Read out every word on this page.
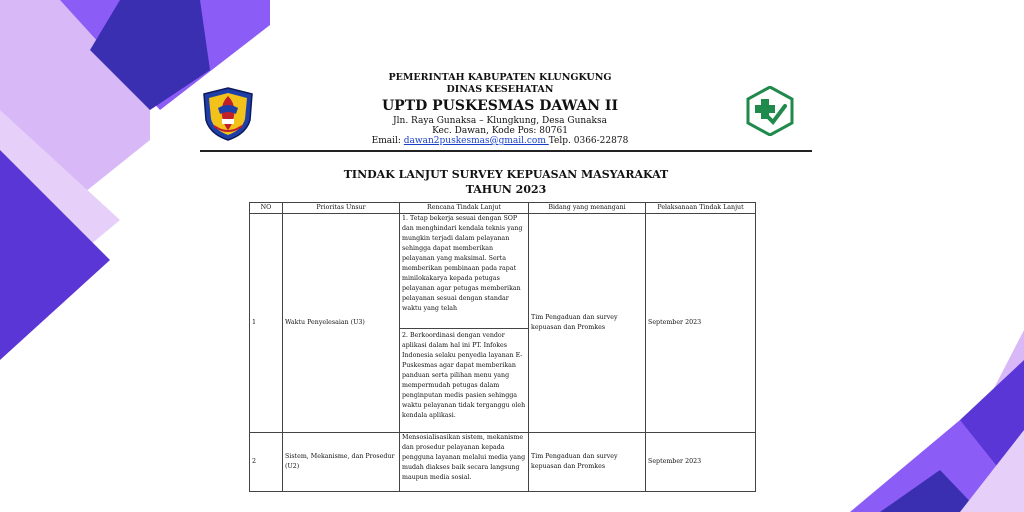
PEMERINTAH KABUPATEN KLUNGKUNG
DINAS KESEHATAN
UPTD PUSKESMAS DAWAN II
Jln. Raya Gunaksa – Klungkung, Desa Gunaksa
Kec. Dawan, Kode Pos: 80761
Email: dawan2puskesmas@gmail.com Telp. 0366-22878
TINDAK LANJUT SURVEY KEPUASAN MASYARAKAT
TAHUN 2023
NO	Prioritas Unsur	Rencana Tindak Lanjut	Bidang yang menangani	Pelaksanaan Tindak Lanjut
1	Waktu Penyelesaian (U3)	1. Tetap bekerja sesuai dengan SOP dan menghindari kendala teknis yang mungkin terjadi dalam pelayanan sehingga dapat memberikan pelayanan yang maksimal. Serta memberikan pembinaan pada rapat minilokakarya kepada petugas pelayanan agar petugas memberikan pelayanan sesuai dengan standar waktu yang telah
2. Berkoordinasi dengan vendor aplikasi dalam hal ini PT. Infokes Indonesia selaku penyedia layanan E-Puskesmas agar dapat memberikan panduan serta pilihan menu yang mempermudah petugas dalam penginputan medis pasien sehingga waktu pelayanan tidak terganggu oleh kendala aplikasi.	Tim Pengaduan dan survey kepuasan dan Promkes	September 2023
2	Sistem, Mekanisme, dan Prosedur (U2)	Mensosialisasikan sistem, mekanisme dan prosedur pelayanan kepada pengguna layanan melalui media yang mudah diakses baik secara langsung maupun media sosial.	Tim Pengaduan dan survey kepuasan dan Promkes	September 2023
